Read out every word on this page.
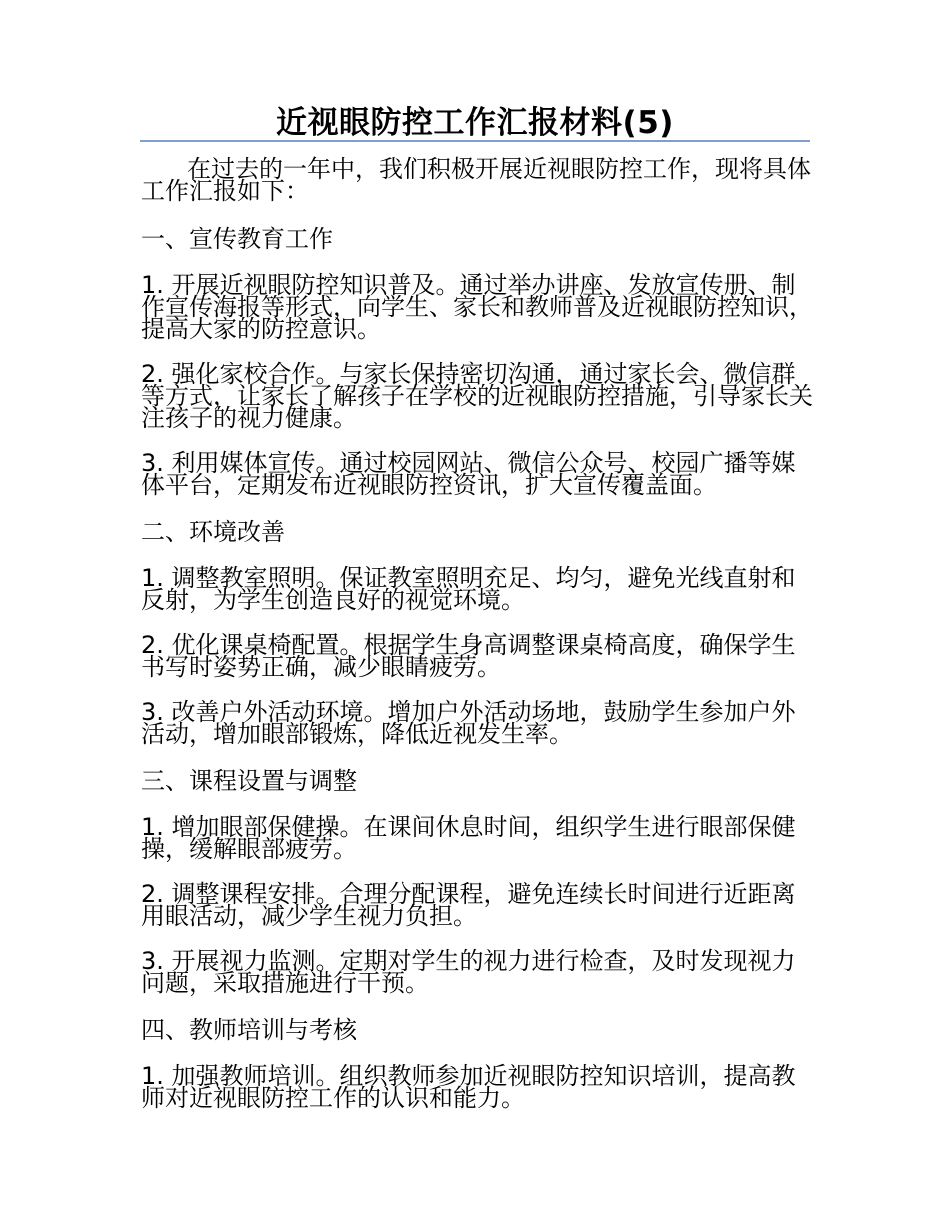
近视眼防控工作汇报材料(5)

在过去的一年中，我们积极开展近视眼防控工作，现将具体工作汇报如下：

一、宣传教育工作

1. 开展近视眼防控知识普及。通过举办讲座、发放宣传册、制作宣传海报等形式，向学生、家长和教师普及近视眼防控知识，提高大家的防控意识。

2. 强化家校合作。与家长保持密切沟通，通过家长会、微信群等方式，让家长了解孩子在学校的近视眼防控措施，引导家长关注孩子的视力健康。

3. 利用媒体宣传。通过校园网站、微信公众号、校园广播等媒体平台，定期发布近视眼防控资讯，扩大宣传覆盖面。

二、环境改善

1. 调整教室照明。保证教室照明充足、均匀，避免光线直射和反射，为学生创造良好的视觉环境。

2. 优化课桌椅配置。根据学生身高调整课桌椅高度，确保学生书写时姿势正确，减少眼睛疲劳。

3. 改善户外活动环境。增加户外活动场地，鼓励学生参加户外活动，增加眼部锻炼，降低近视发生率。

三、课程设置与调整

1. 增加眼部保健操。在课间休息时间，组织学生进行眼部保健操，缓解眼部疲劳。

2. 调整课程安排。合理分配课程，避免连续长时间进行近距离用眼活动，减少学生视力负担。

3. 开展视力监测。定期对学生的视力进行检查，及时发现视力问题，采取措施进行干预。

四、教师培训与考核

1. 加强教师培训。组织教师参加近视眼防控知识培训，提高教师对近视眼防控工作的认识和能力。
